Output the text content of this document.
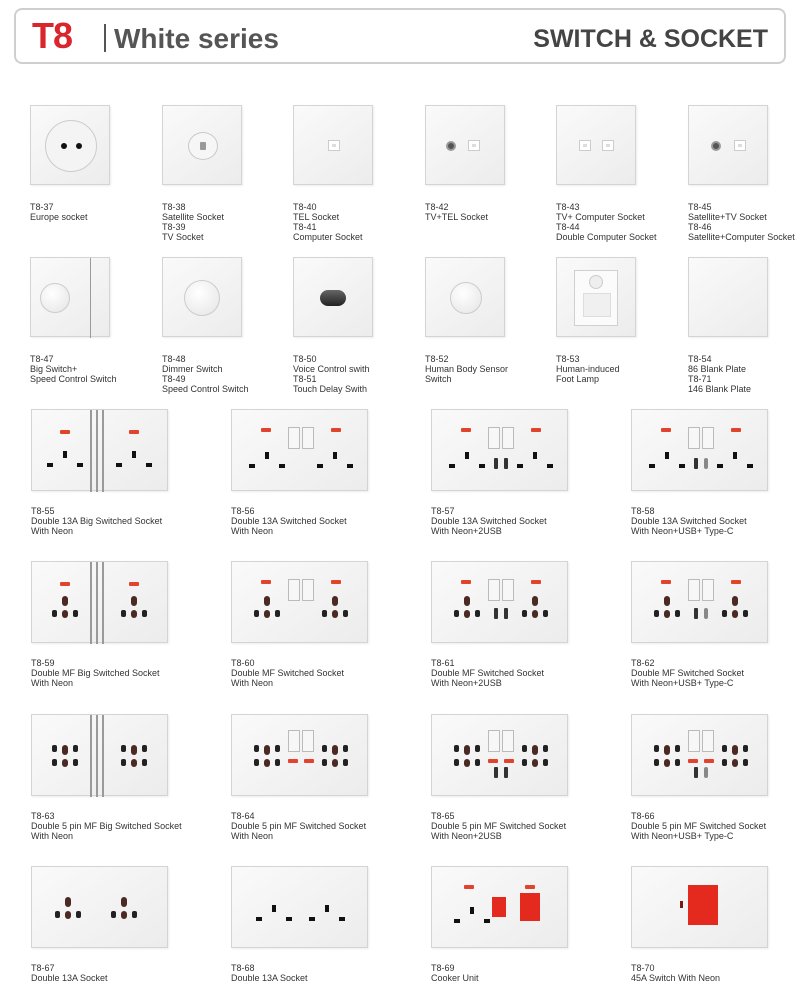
T8 White series	SWITCH & SOCKET
T8-37
Europe socket
T8-38
Satellite Socket
T8-39
TV Socket
T8-40
TEL Socket
T8-41
Computer Socket
T8-42
TV+TEL Socket
T8-43
TV+ Computer Socket
T8-44
Double Computer Socket
T8-45
Satellite+TV Socket
T8-46
Satellite+Computer Socket
T8-47
Big Switch+
Speed Control Switch
T8-48
Dimmer Switch
T8-49
Speed Control Switch
T8-50
Voice Control swith
T8-51
Touch Delay Swith
T8-52
Human Body Sensor
Switch
T8-53
Human-induced
Foot Lamp
T8-54
86 Blank Plate
T8-71
146 Blank Plate
T8-55
Double 13A Big Switched Socket
With Neon
T8-56
Double 13A Switched Socket
With Neon
T8-57
Double 13A Switched Socket
With Neon+2USB
T8-58
Double 13A Switched Socket
With Neon+USB+ Type-C
T8-59
Double MF Big Switched Socket
With Neon
T8-60
Double MF Switched Socket
With Neon
T8-61
Double MF Switched Socket
With Neon+2USB
T8-62
Double MF Switched Socket
With Neon+USB+ Type-C
T8-63
Double 5 pin MF Big Switched Socket
With Neon
T8-64
Double 5 pin MF Switched Socket
With Neon
T8-65
Double 5 pin MF Switched Socket
With Neon+2USB
T8-66
Double 5 pin MF Switched Socket
With Neon+USB+ Type-C
T8-67
Double 13A Socket
T8-68
Double 13A Socket
T8-69
Cooker Unit
T8-70
45A Switch With Neon
